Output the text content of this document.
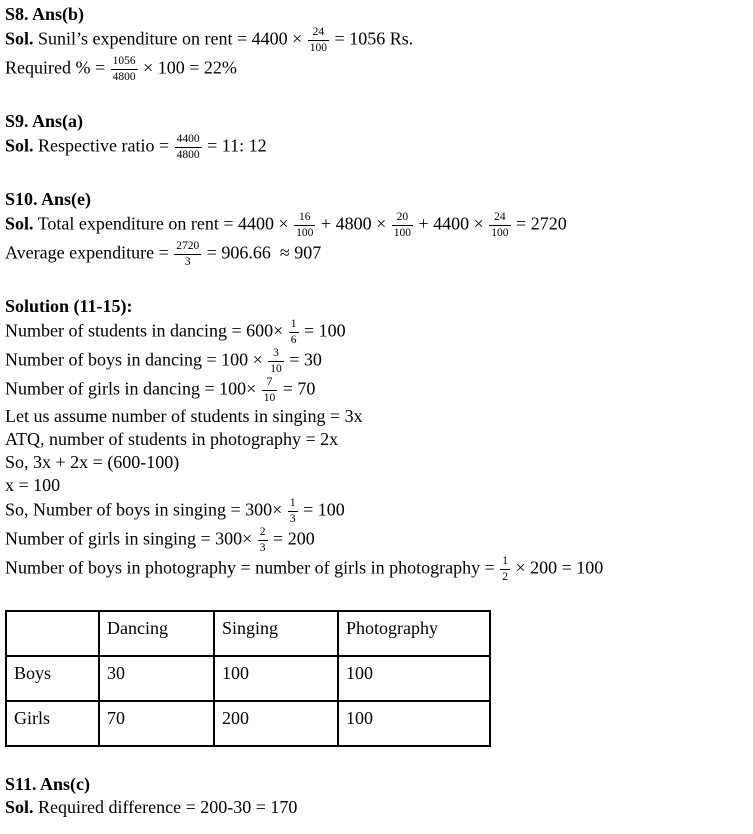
S8. Ans(b)
Sol. Sunil’s expenditure on rent = $4400 \times \frac{24}{100} = 1056$ Rs.
Required % = $\frac{1056}{4800} \times 100 = 22\%$
S9. Ans(a)
Sol. Respective ratio = $\frac{4400}{4800} = 11$: 12
S10. Ans(e)
Sol. Total expenditure on rent = $4400 \times \frac{16}{100} + 4800 \times \frac{20}{100} + 4400 \times \frac{24}{100} = 2720$
Average expenditure = $\frac{2720}{3} = 906.66 \approx 907$
Solution (11-15):
Number of students in dancing = $600\times \frac{1}{6} = 100$
Number of boys in dancing = $100 \times \frac{3}{10} = 30$
Number of girls in dancing = $100\times \frac{7}{10} = 70$
Let us assume number of students in singing = 3x
ATQ, number of students in photography = 2x
So, 3x + 2x = (600-100)
x = 100
So, Number of boys in singing = $300\times \frac{1}{3} = 100$
Number of girls in singing = $300\times \frac{2}{3} = 200$
Number of boys in photography = number of girls in photography = $\frac{1}{2} \times 200 = 100$
	Dancing	Singing	Photography
Boys	30	100	100
Girls	70	200	100
S11. Ans(c)
Sol. Required difference = 200-30 = 170
